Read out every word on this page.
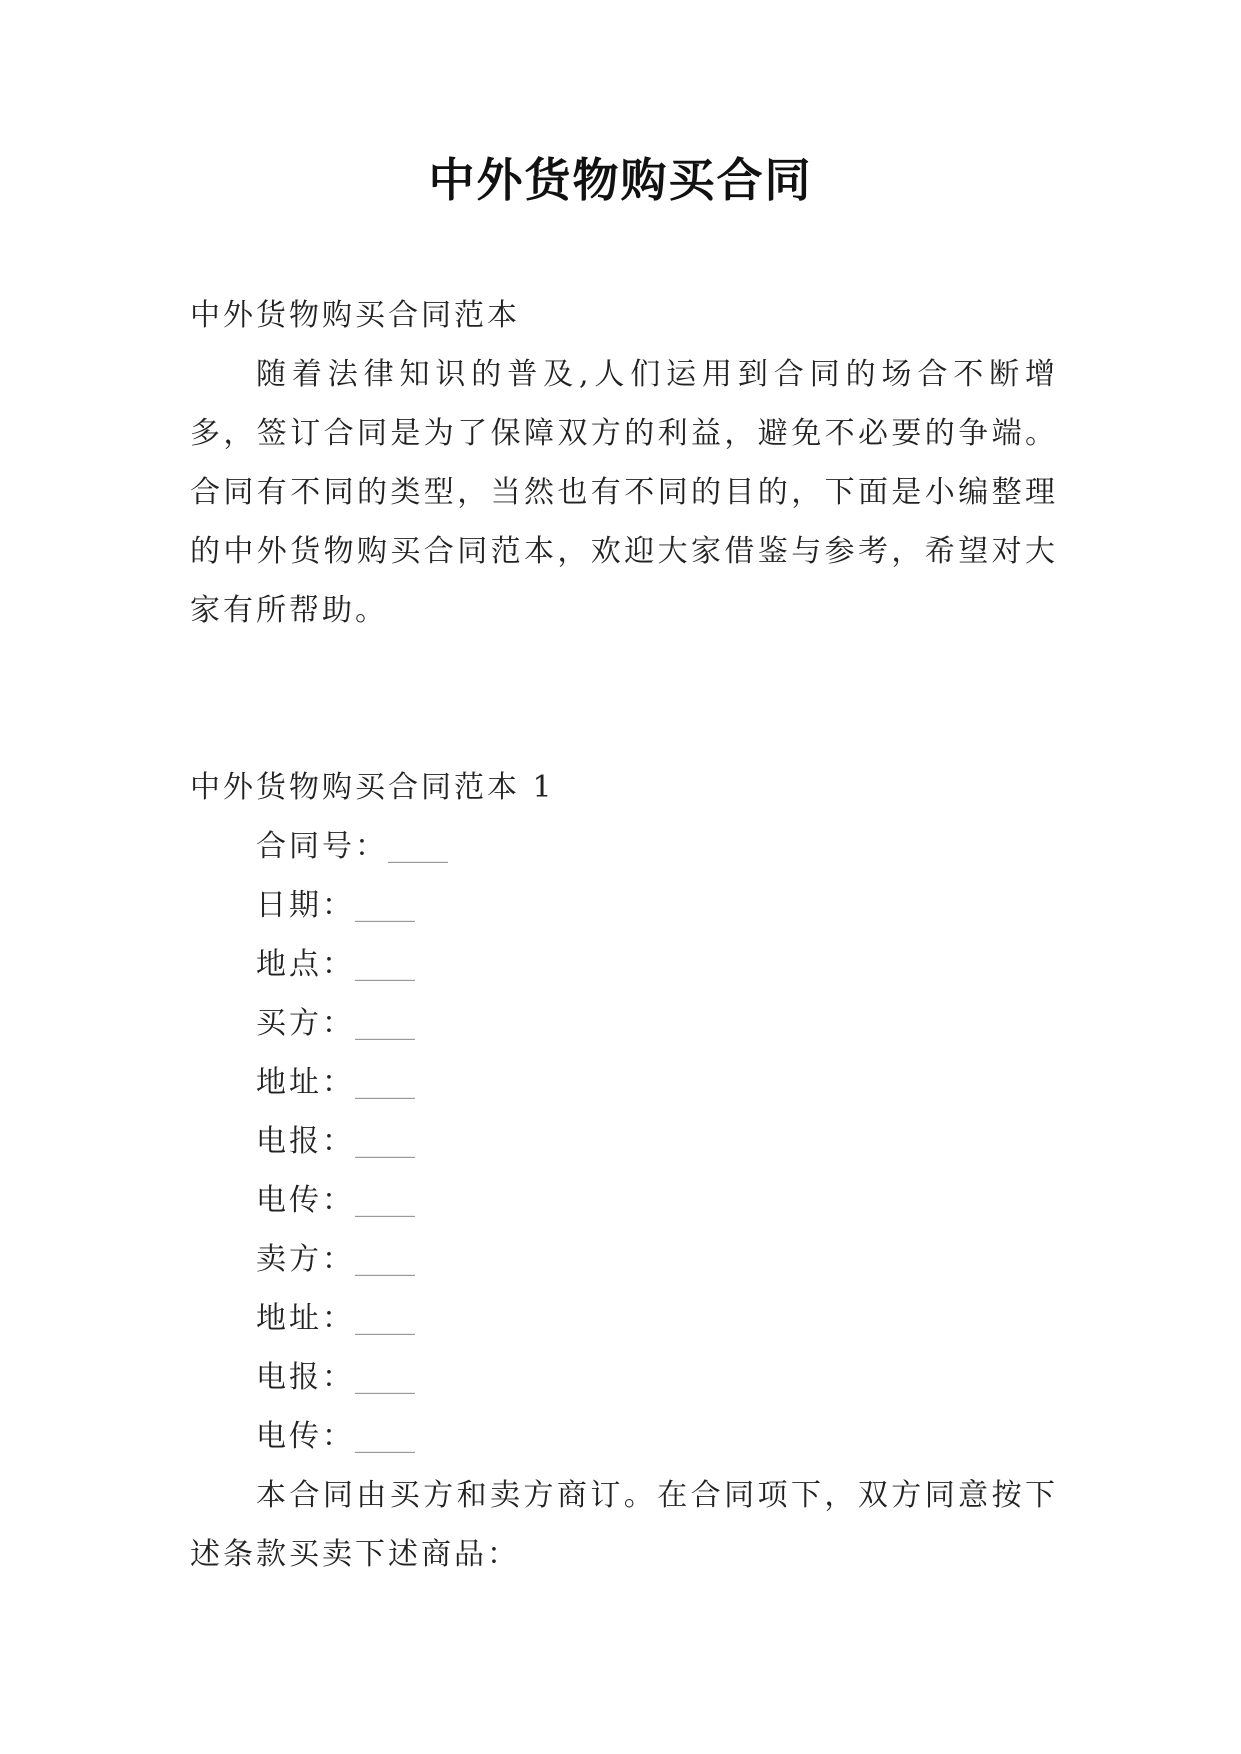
中外货物购买合同

中外货物购买合同范本

随着法律知识的普及,人们运用到合同的场合不断增多，签订合同是为了保障双方的利益，避免不必要的争端。合同有不同的类型，当然也有不同的目的，下面是小编整理的中外货物购买合同范本，欢迎大家借鉴与参考，希望对大家有所帮助。

中外货物购买合同范本 1

合同号：____

日期：____

地点：____

买方：____

地址：____

电报：____

电传：____

卖方：____

地址：____

电报：____

电传：____

本合同由买方和卖方商订。在合同项下，双方同意按下述条款买卖下述商品：
